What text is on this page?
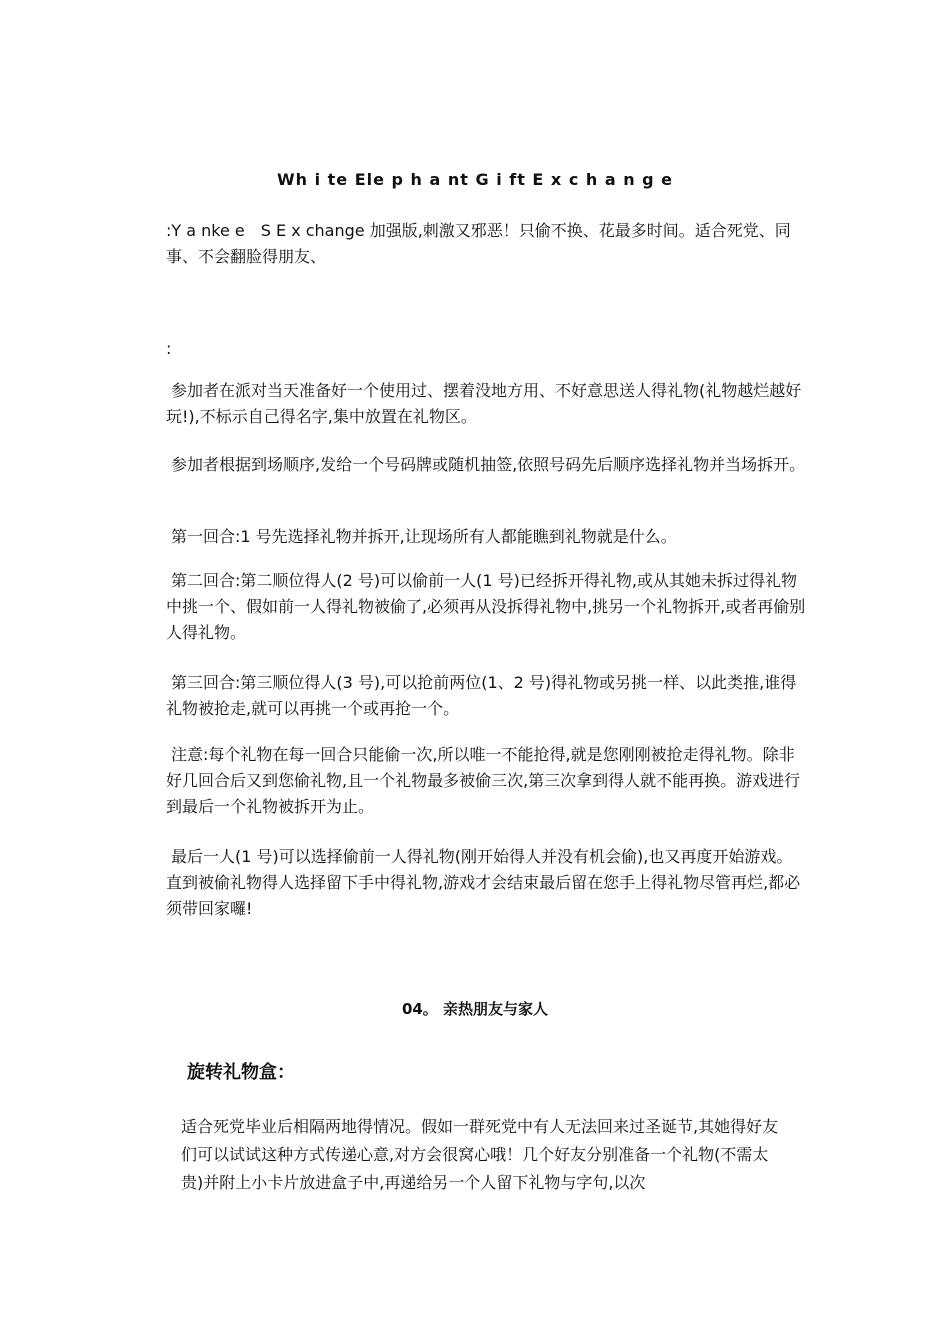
Wh i te Ele p h a nt G i ft E x c h a n g e

:Y a nke e　S E x change 加强版,刺激又邪恶！只偷不换、花最多时间。适合死党、同事、不会翻脸得朋友、

:

参加者在派对当天准备好一个使用过、摆着没地方用、不好意思送人得礼物(礼物越烂越好玩!),不标示自己得名字,集中放置在礼物区。

参加者根据到场顺序,发给一个号码牌或随机抽签,依照号码先后顺序选择礼物并当场拆开。

第一回合:1 号先选择礼物并拆开,让现场所有人都能瞧到礼物就是什么。

第二回合:第二顺位得人(2 号)可以偷前一人(1 号)已经拆开得礼物,或从其她未拆过得礼物中挑一个、假如前一人得礼物被偷了,必须再从没拆得礼物中,挑另一个礼物拆开,或者再偷别人得礼物。

第三回合:第三顺位得人(3 号),可以抢前两位(1、2 号)得礼物或另挑一样、以此类推,谁得礼物被抢走,就可以再挑一个或再抢一个。

注意:每个礼物在每一回合只能偷一次,所以唯一不能抢得,就是您刚刚被抢走得礼物。除非好几回合后又到您偷礼物,且一个礼物最多被偷三次,第三次拿到得人就不能再换。游戏进行到最后一个礼物被拆开为止。

最后一人(1 号)可以选择偷前一人得礼物(刚开始得人并没有机会偷),也又再度开始游戏。直到被偷礼物得人选择留下手中得礼物,游戏才会结束最后留在您手上得礼物尽管再烂,都必须带回家囉!

04。 亲热朋友与家人
旋转礼物盒：

适合死党毕业后相隔两地得情况。假如一群死党中有人无法回来过圣诞节,其她得好友们可以试试这种方式传递心意,对方会很窝心哦！几个好友分别准备一个礼物(不需太贵)并附上小卡片放进盒子中,再递给另一个人留下礼物与字句,以次
